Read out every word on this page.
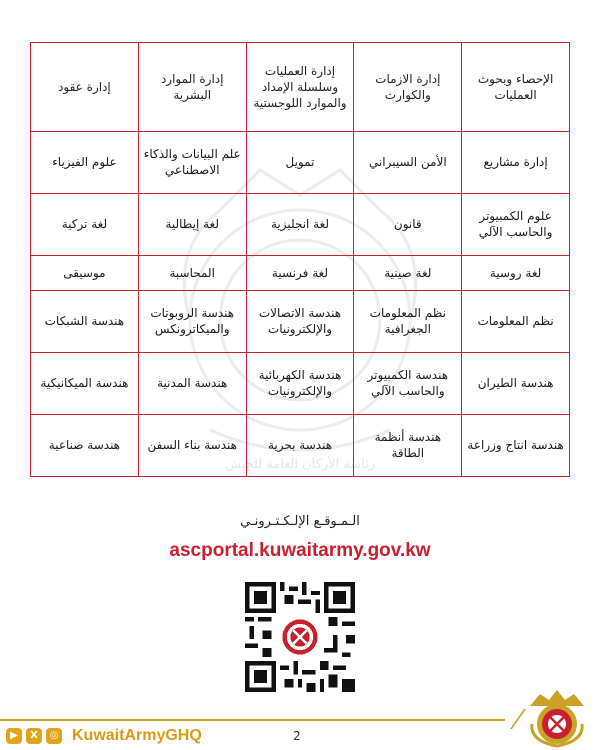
رئاسة الأركان العامة للجيش
الإحصاء وبحوث العمليات	إدارة الازمات والكوارث	إدارة العمليات وسلسلة الإمداد والموارد اللوجستية	إدارة الموارد البشرية	إدارة عقود
إدارة مشاريع	الأمن السيبراني	تمويل	علم البيانات والذكاء الاصطناعي	علوم الفيزياء
علوم الكمبيوتر والحاسب الآلي	قانون	لغة انجليزية	لغة إيطالية	لغة تركية
لغة روسية	لغة صينية	لغة فرنسية	المحاسبة	موسيقى
نظم المعلومات	نظم المعلومات الجغرافية	هندسة الاتصالات والإلكترونيات	هندسة الروبوتات والميكاترونكس	هندسة الشبكات
هندسة الطيران	هندسة الكمبيوتر والحاسب الآلي	هندسة الكهربائية والإلكترونيات	هندسة المدنية	هندسة الميكانيكية
هندسة انتاج وزراعة	هندسة أنظمة الطاقة	هندسة بحرية	هندسة بناء السفن	هندسة صناعية
الـمـوقـع الإلـكـتـرونـي
ascportal.kuwaitarmy.gov.kw
▶	X	◎ KuwaitArmyGHQ	2
